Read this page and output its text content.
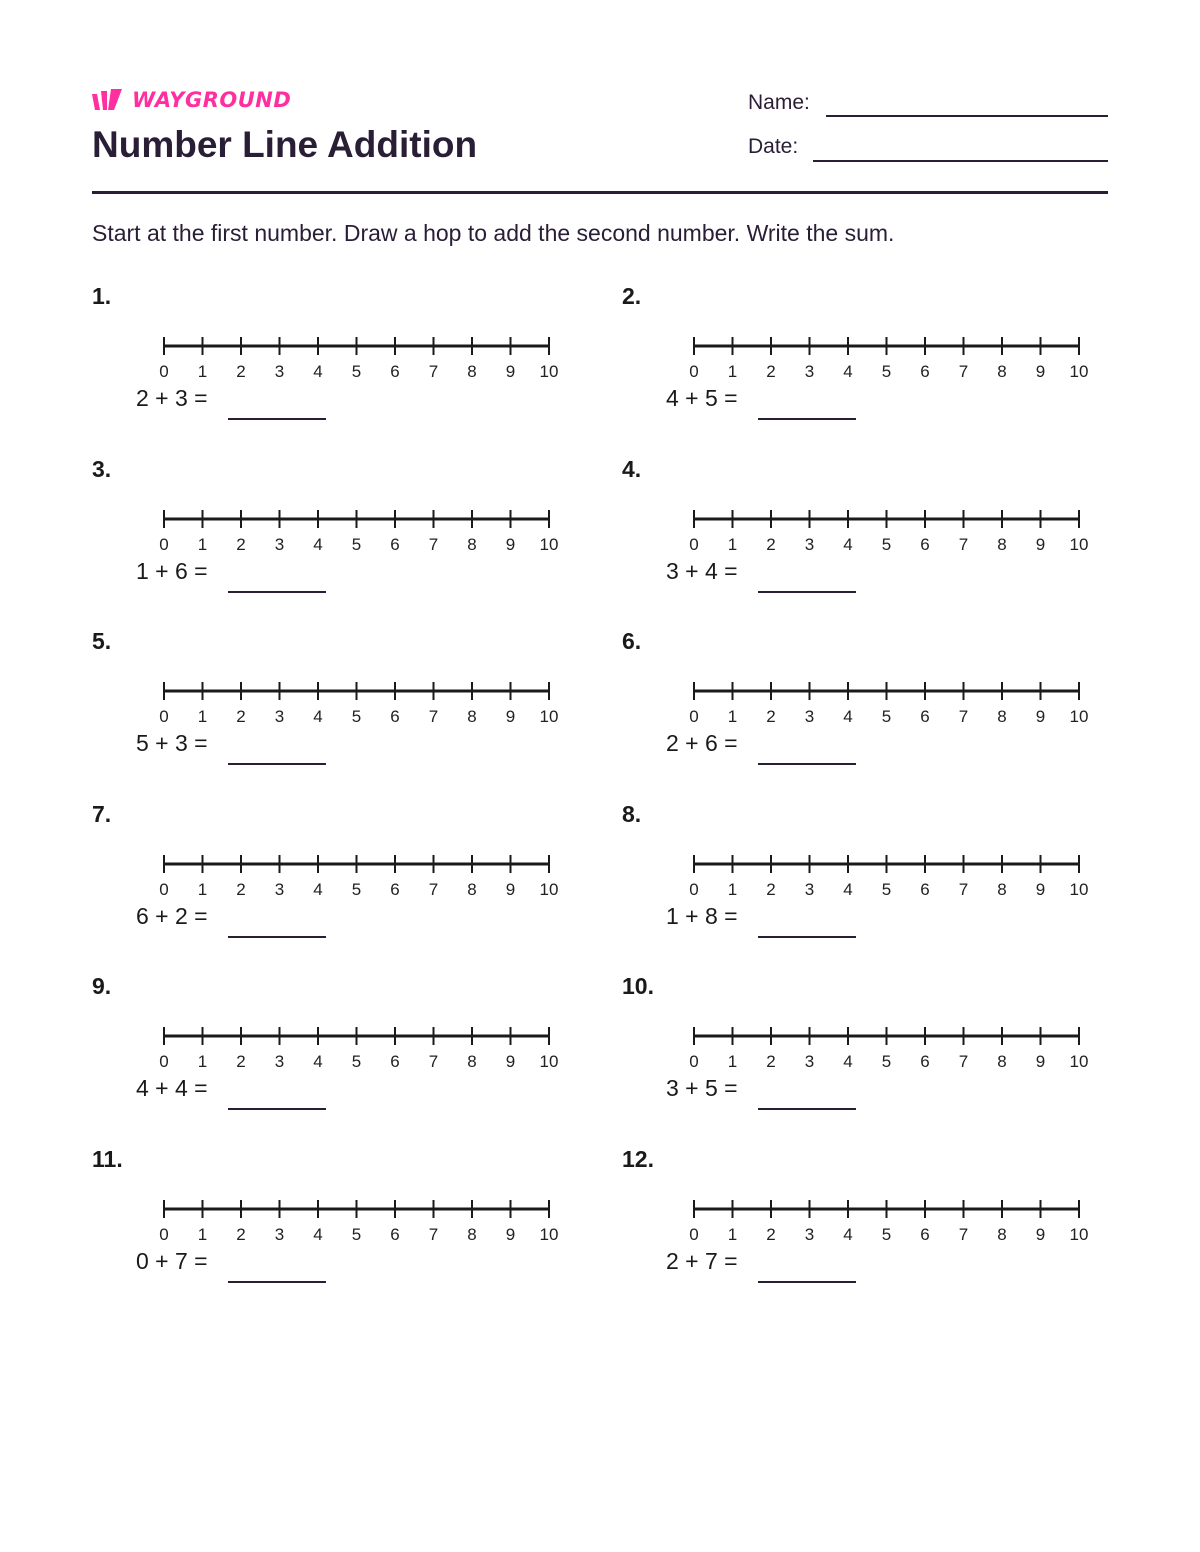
WAYGROUND
Number Line Addition
Name:
Date:
Start at the first number. Draw a hop to add the second number. Write the sum.
1.
0 1 2 3 4 5 6 7 8 9 10
2 + 3 =
2.
0 1 2 3 4 5 6 7 8 9 10
4 + 5 =
3.
0 1 2 3 4 5 6 7 8 9 10
1 + 6 =
4.
0 1 2 3 4 5 6 7 8 9 10
3 + 4 =
5.
0 1 2 3 4 5 6 7 8 9 10
5 + 3 =
6.
0 1 2 3 4 5 6 7 8 9 10
2 + 6 =
7.
0 1 2 3 4 5 6 7 8 9 10
6 + 2 =
8.
0 1 2 3 4 5 6 7 8 9 10
1 + 8 =
9.
0 1 2 3 4 5 6 7 8 9 10
4 + 4 =
10.
0 1 2 3 4 5 6 7 8 9 10
3 + 5 =
11.
0 1 2 3 4 5 6 7 8 9 10
0 + 7 =
12.
0 1 2 3 4 5 6 7 8 9 10
2 + 7 =
